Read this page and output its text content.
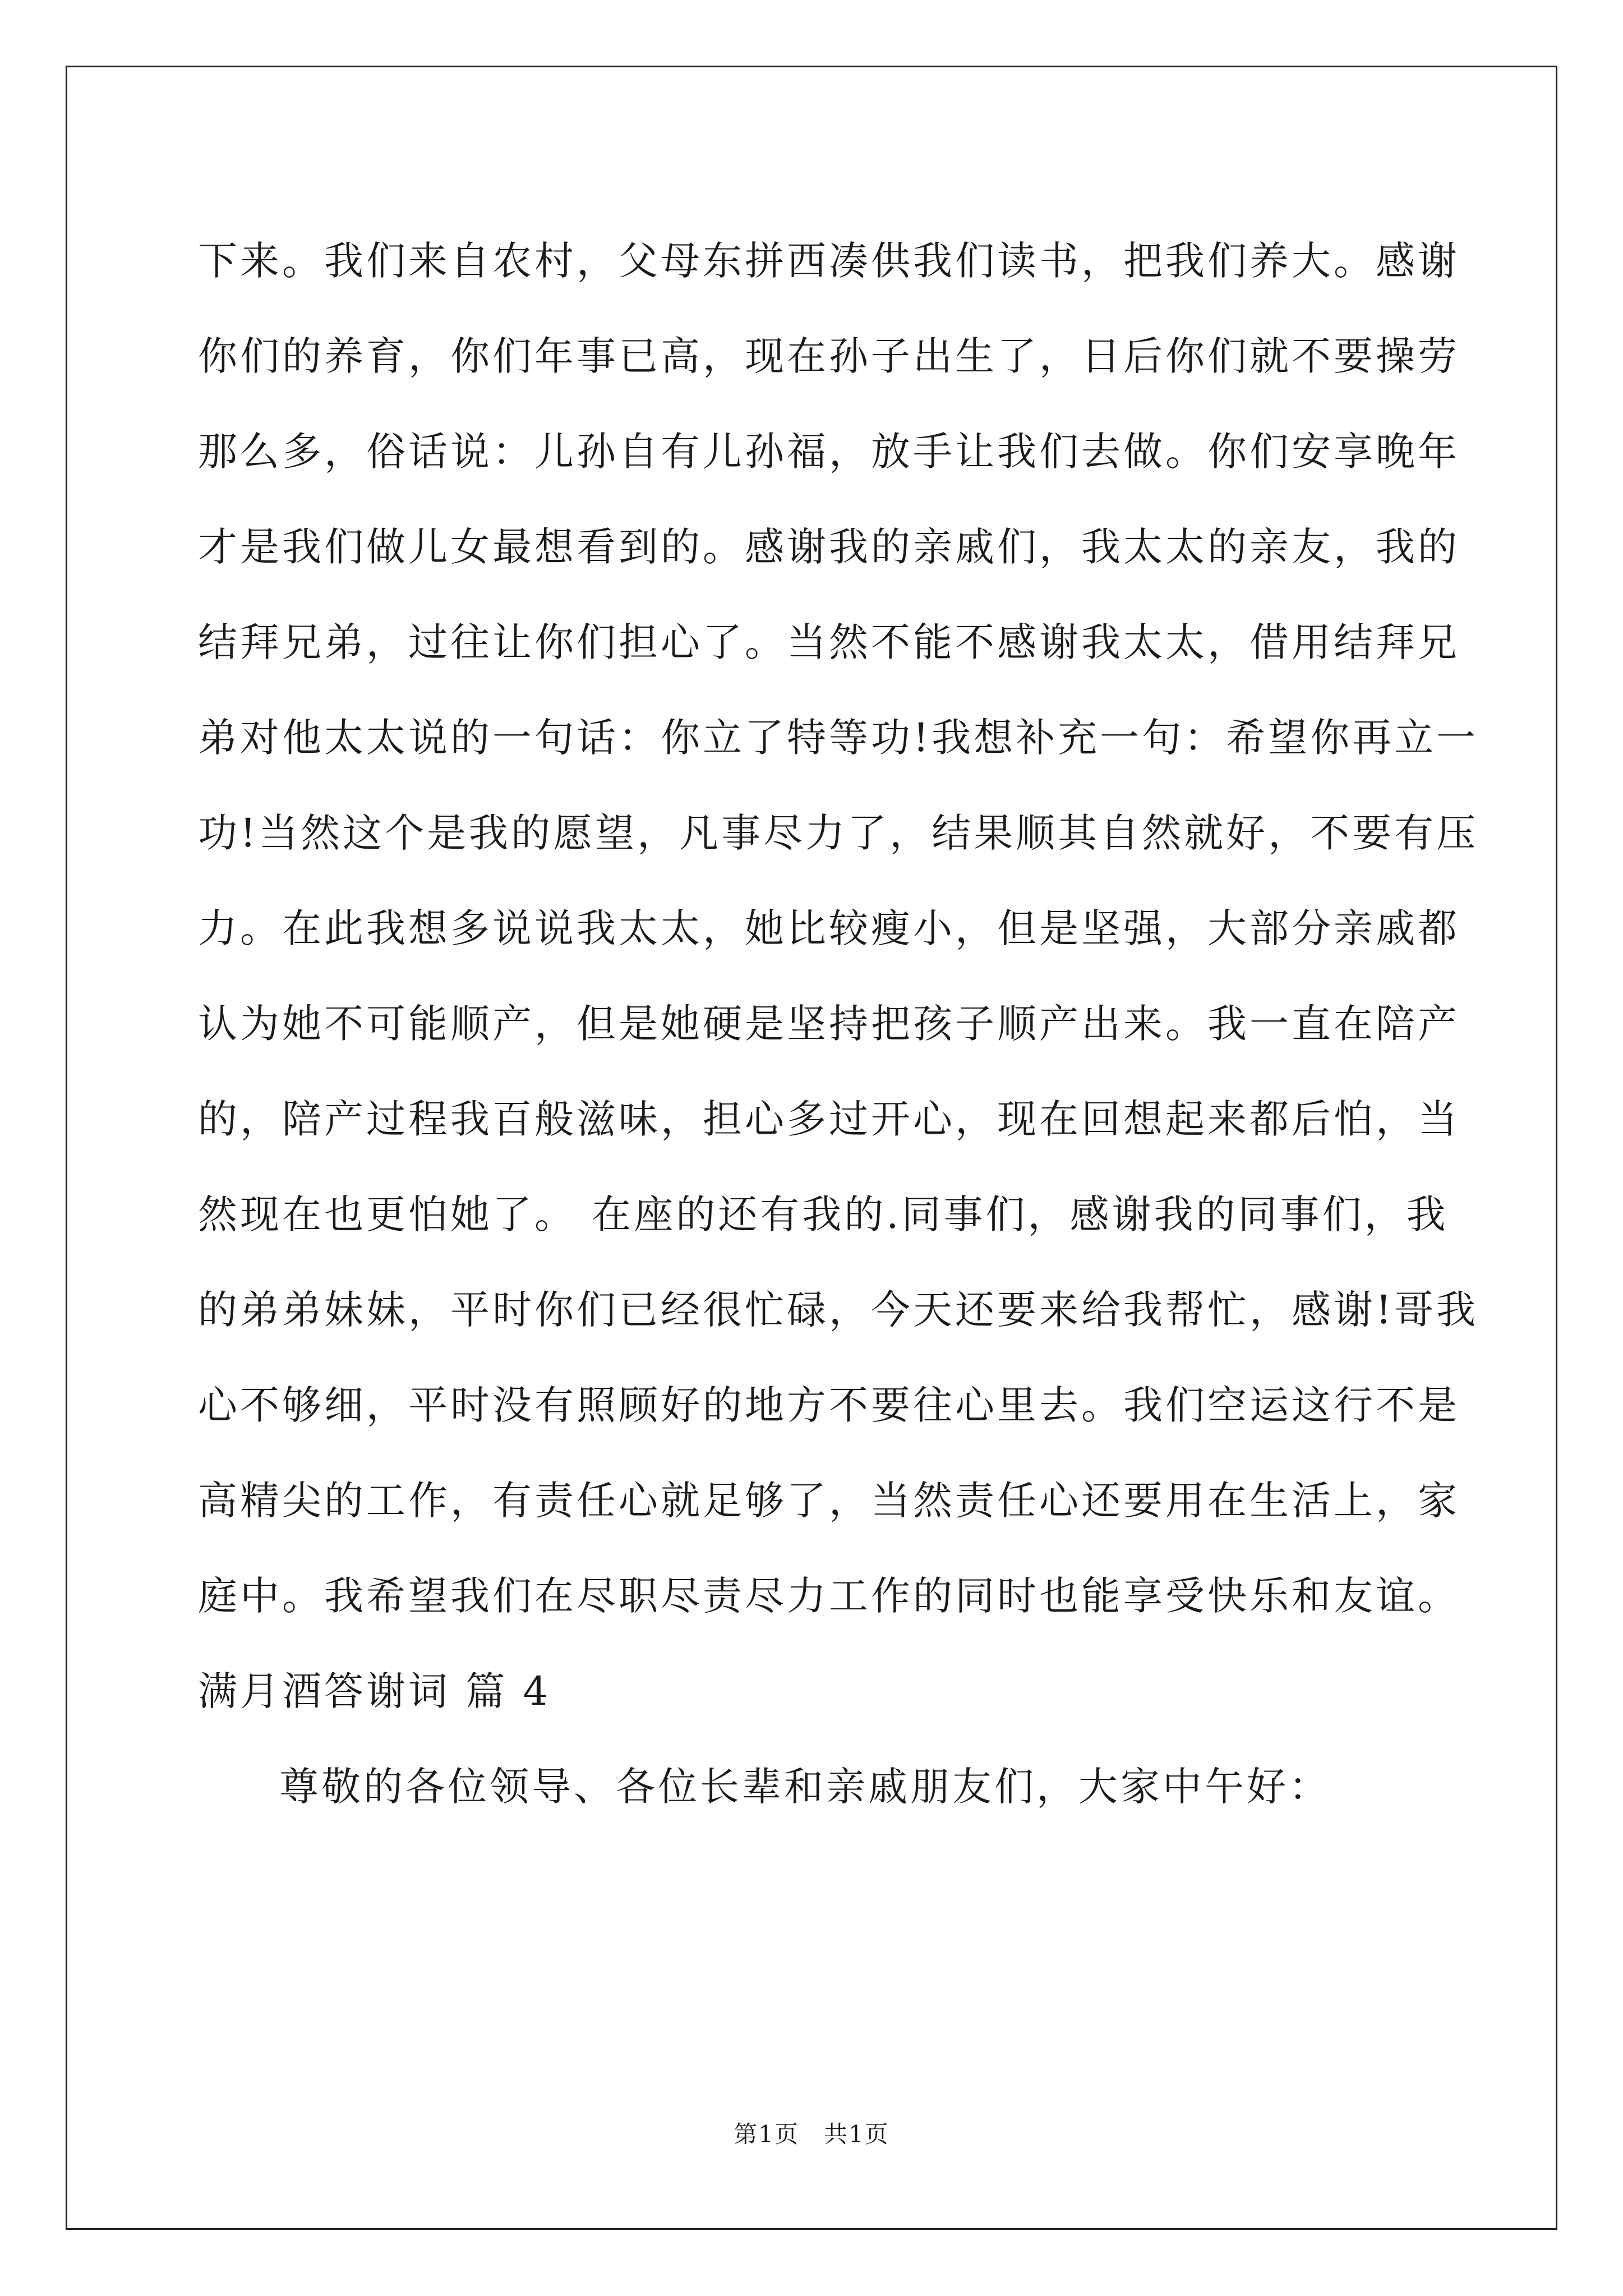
下来。我们来自农村，父母东拼西凑供我们读书，把我们养大。感谢
你们的养育，你们年事已高，现在孙子出生了，日后你们就不要操劳
那么多，俗话说：儿孙自有儿孙福，放手让我们去做。你们安享晚年
才是我们做儿女最想看到的。感谢我的亲戚们，我太太的亲友，我的
结拜兄弟，过往让你们担心了。当然不能不感谢我太太，借用结拜兄
弟对他太太说的一句话：你立了特等功!我想补充一句：希望你再立一
功!当然这个是我的愿望，凡事尽力了，结果顺其自然就好，不要有压
力。在此我想多说说我太太，她比较瘦小，但是坚强，大部分亲戚都
认为她不可能顺产，但是她硬是坚持把孩子顺产出来。我一直在陪产
的，陪产过程我百般滋味，担心多过开心，现在回想起来都后怕，当
然现在也更怕她了。 在座的还有我的.同事们，感谢我的同事们，我
的弟弟妹妹，平时你们已经很忙碌，今天还要来给我帮忙，感谢!哥我
心不够细，平时没有照顾好的地方不要往心里去。我们空运这行不是
高精尖的工作，有责任心就足够了，当然责任心还要用在生活上，家
庭中。我希望我们在尽职尽责尽力工作的同时也能享受快乐和友谊。
满月酒答谢词 篇 4
尊敬的各位领导、各位长辈和亲戚朋友们，大家中午好：
第1页　共1页
